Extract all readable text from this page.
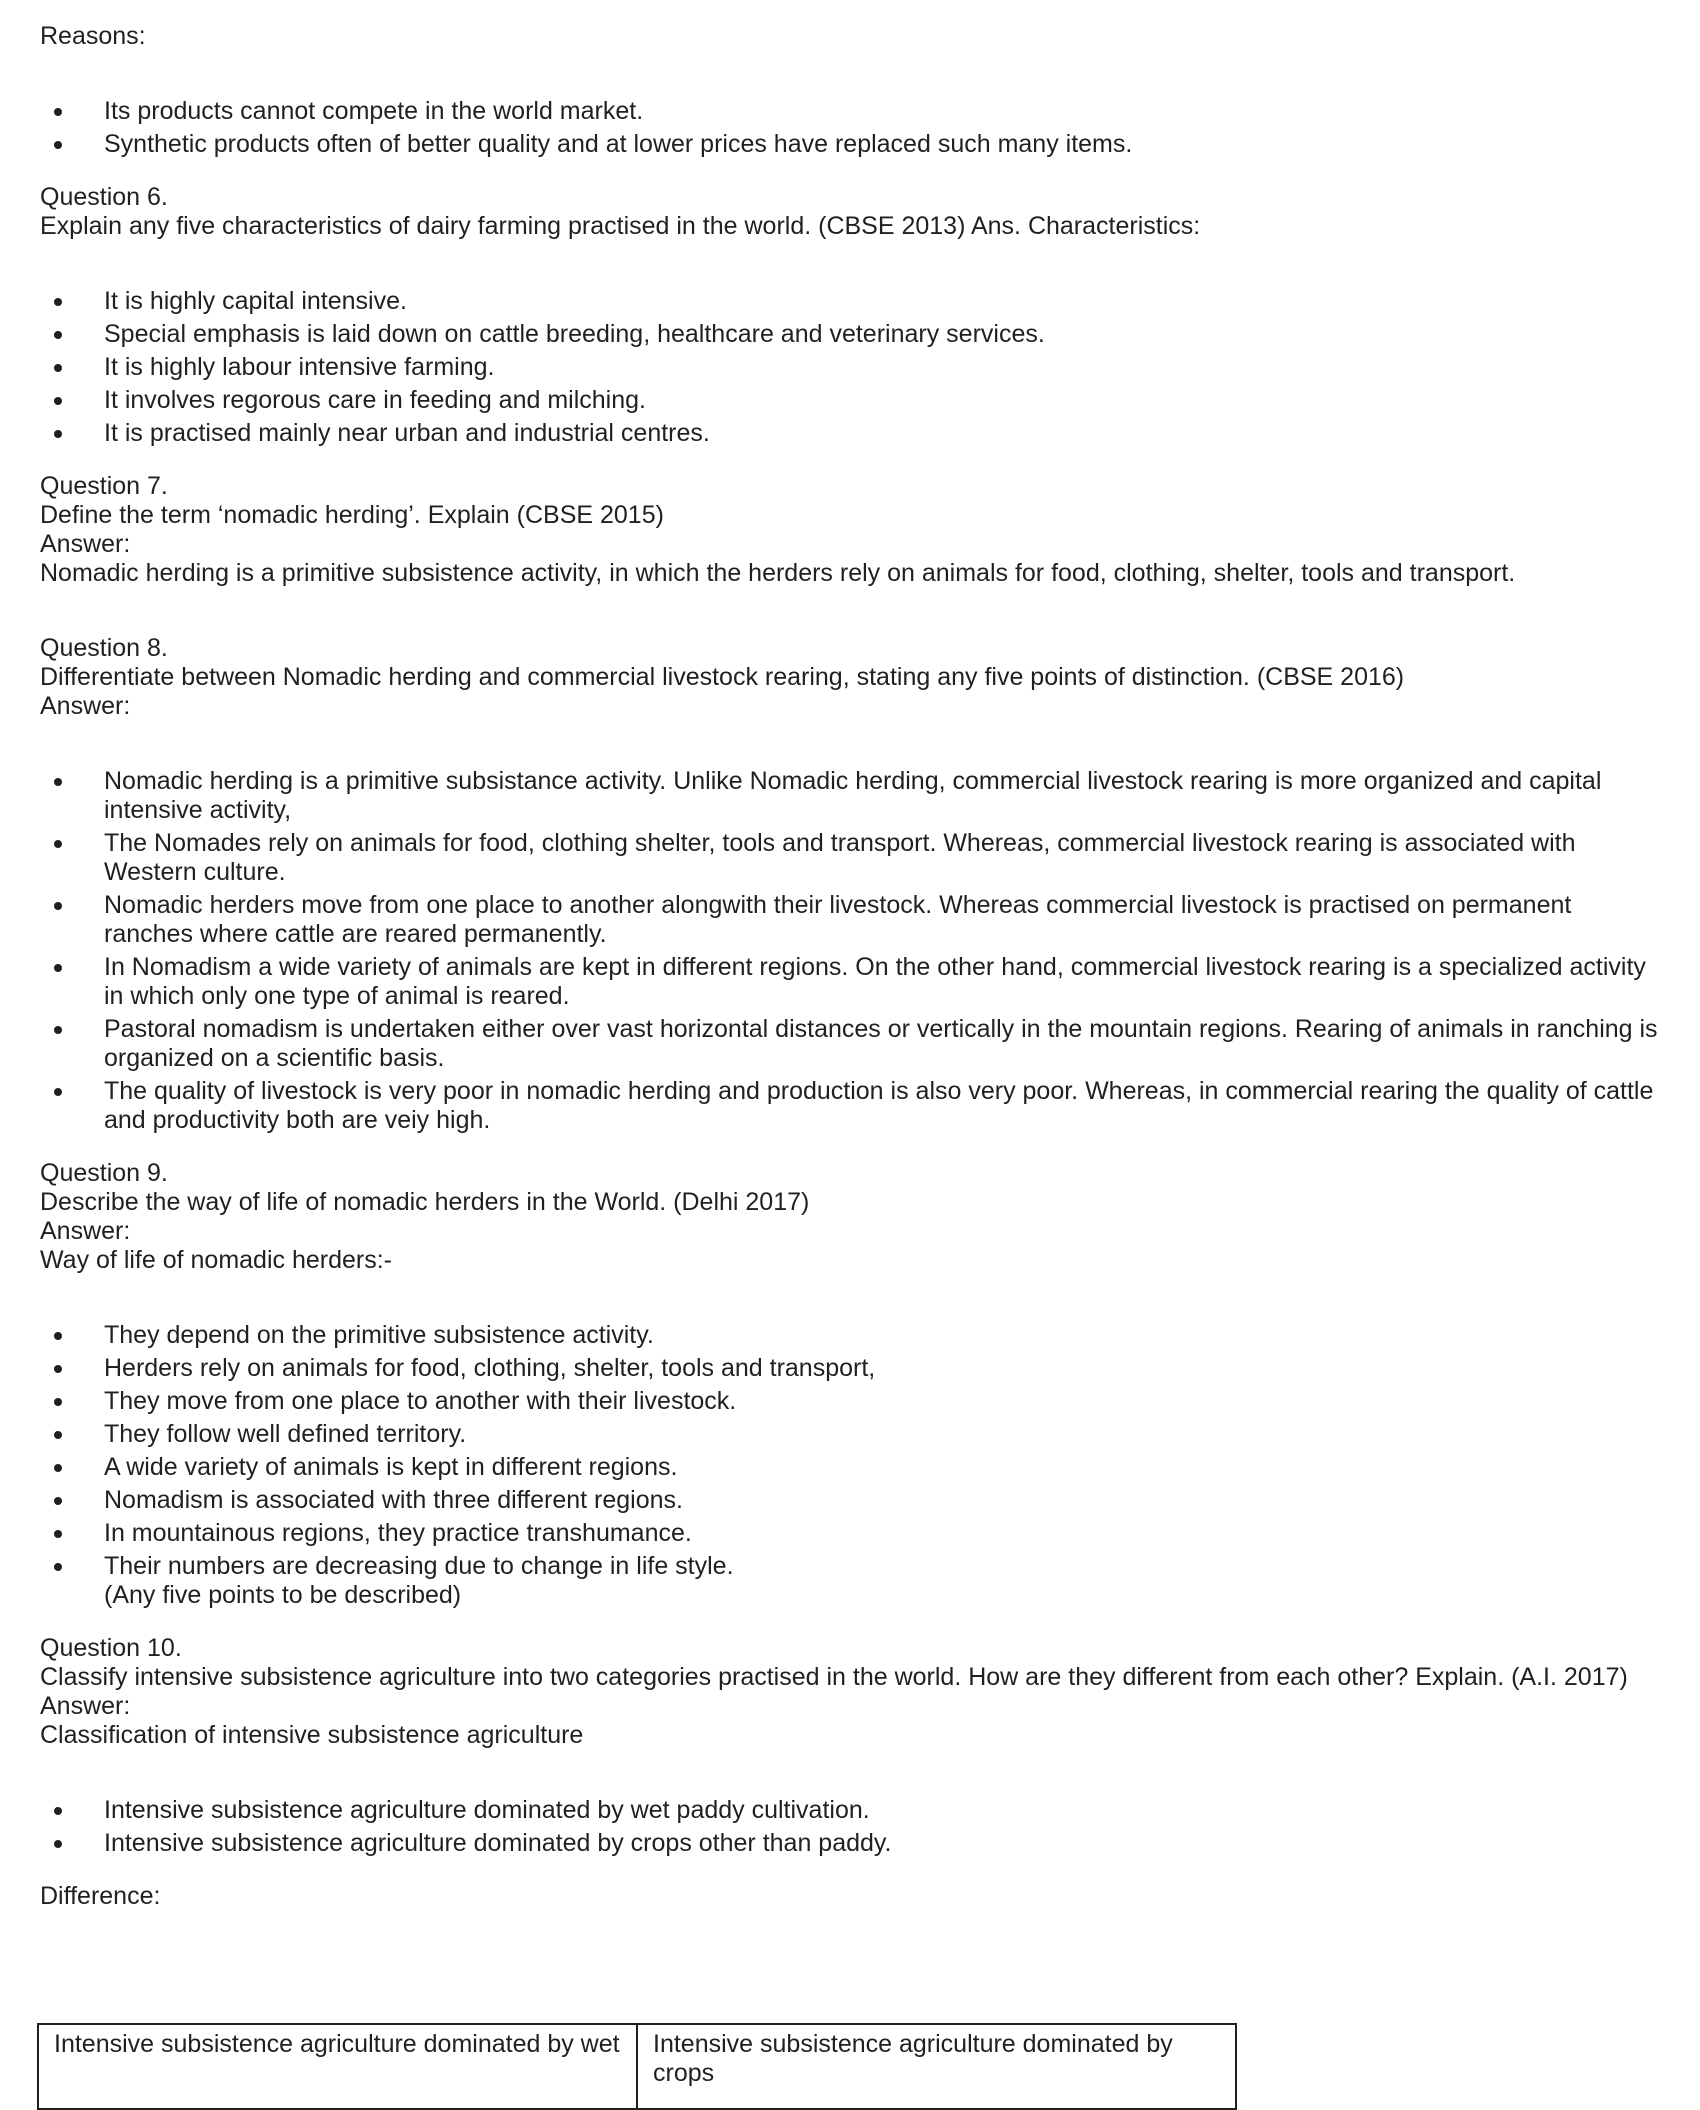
Reasons:

Its products cannot compete in the world market.
Synthetic products often of better quality and at lower prices have replaced such many items.

Question 6.

Explain any five characteristics of dairy farming practised in the world. (CBSE 2013) Ans. Characteristics:

It is highly capital intensive.
Special emphasis is laid down on cattle breeding, healthcare and veterinary services.
It is highly labour intensive farming.
It involves regorous care in feeding and milching.
It is practised mainly near urban and industrial centres.

Question 7.

Define the term ‘nomadic herding’. Explain (CBSE 2015)

Answer:

Nomadic herding is a primitive subsistence activity, in which the herders rely on animals for food, clothing, shelter, tools and transport.

Question 8.

Differentiate between Nomadic herding and commercial livestock rearing, stating any five points of distinction. (CBSE 2016)

Answer:

Nomadic herding is a primitive subsistance activity. Unlike Nomadic herding, commercial livestock rearing is more organized and capital intensive activity,
The Nomades rely on animals for food, clothing shelter, tools and transport. Whereas, commercial livestock rearing is associated with Western culture.
Nomadic herders move from one place to another alongwith their livestock. Whereas commercial livestock is practised on permanent ranches where cattle are reared permanently.
In Nomadism a wide variety of animals are kept in different regions. On the other hand, commercial livestock rearing is a specialized activity in which only one type of animal is reared.
Pastoral nomadism is undertaken either over vast horizontal distances or vertically in the mountain regions. Rearing of animals in ranching is organized on a scientific basis.
The quality of livestock is very poor in nomadic herding and production is also very poor. Whereas, in commercial rearing the quality of cattle and productivity both are veiy high.

Question 9.

Describe the way of life of nomadic herders in the World. (Delhi 2017)

Answer:

Way of life of nomadic herders:-

They depend on the primitive subsistence activity.
Herders rely on animals for food, clothing, shelter, tools and transport,
They move from one place to another with their livestock.
They follow well defined territory.
A wide variety of animals is kept in different regions.
Nomadism is associated with three different regions.
In mountainous regions, they practice transhumance.
Their numbers are decreasing due to change in life style.
(Any five points to be described)

Question 10.

Classify intensive subsistence agriculture into two categories practised in the world. How are they different from each other? Explain. (A.I. 2017)

Answer:

Classification of intensive subsistence agriculture

Intensive subsistence agriculture dominated by wet paddy cultivation.
Intensive subsistence agriculture dominated by crops other than paddy.

Difference:

Intensive subsistence agriculture dominated by wet	Intensive subsistence agriculture dominated by crops
